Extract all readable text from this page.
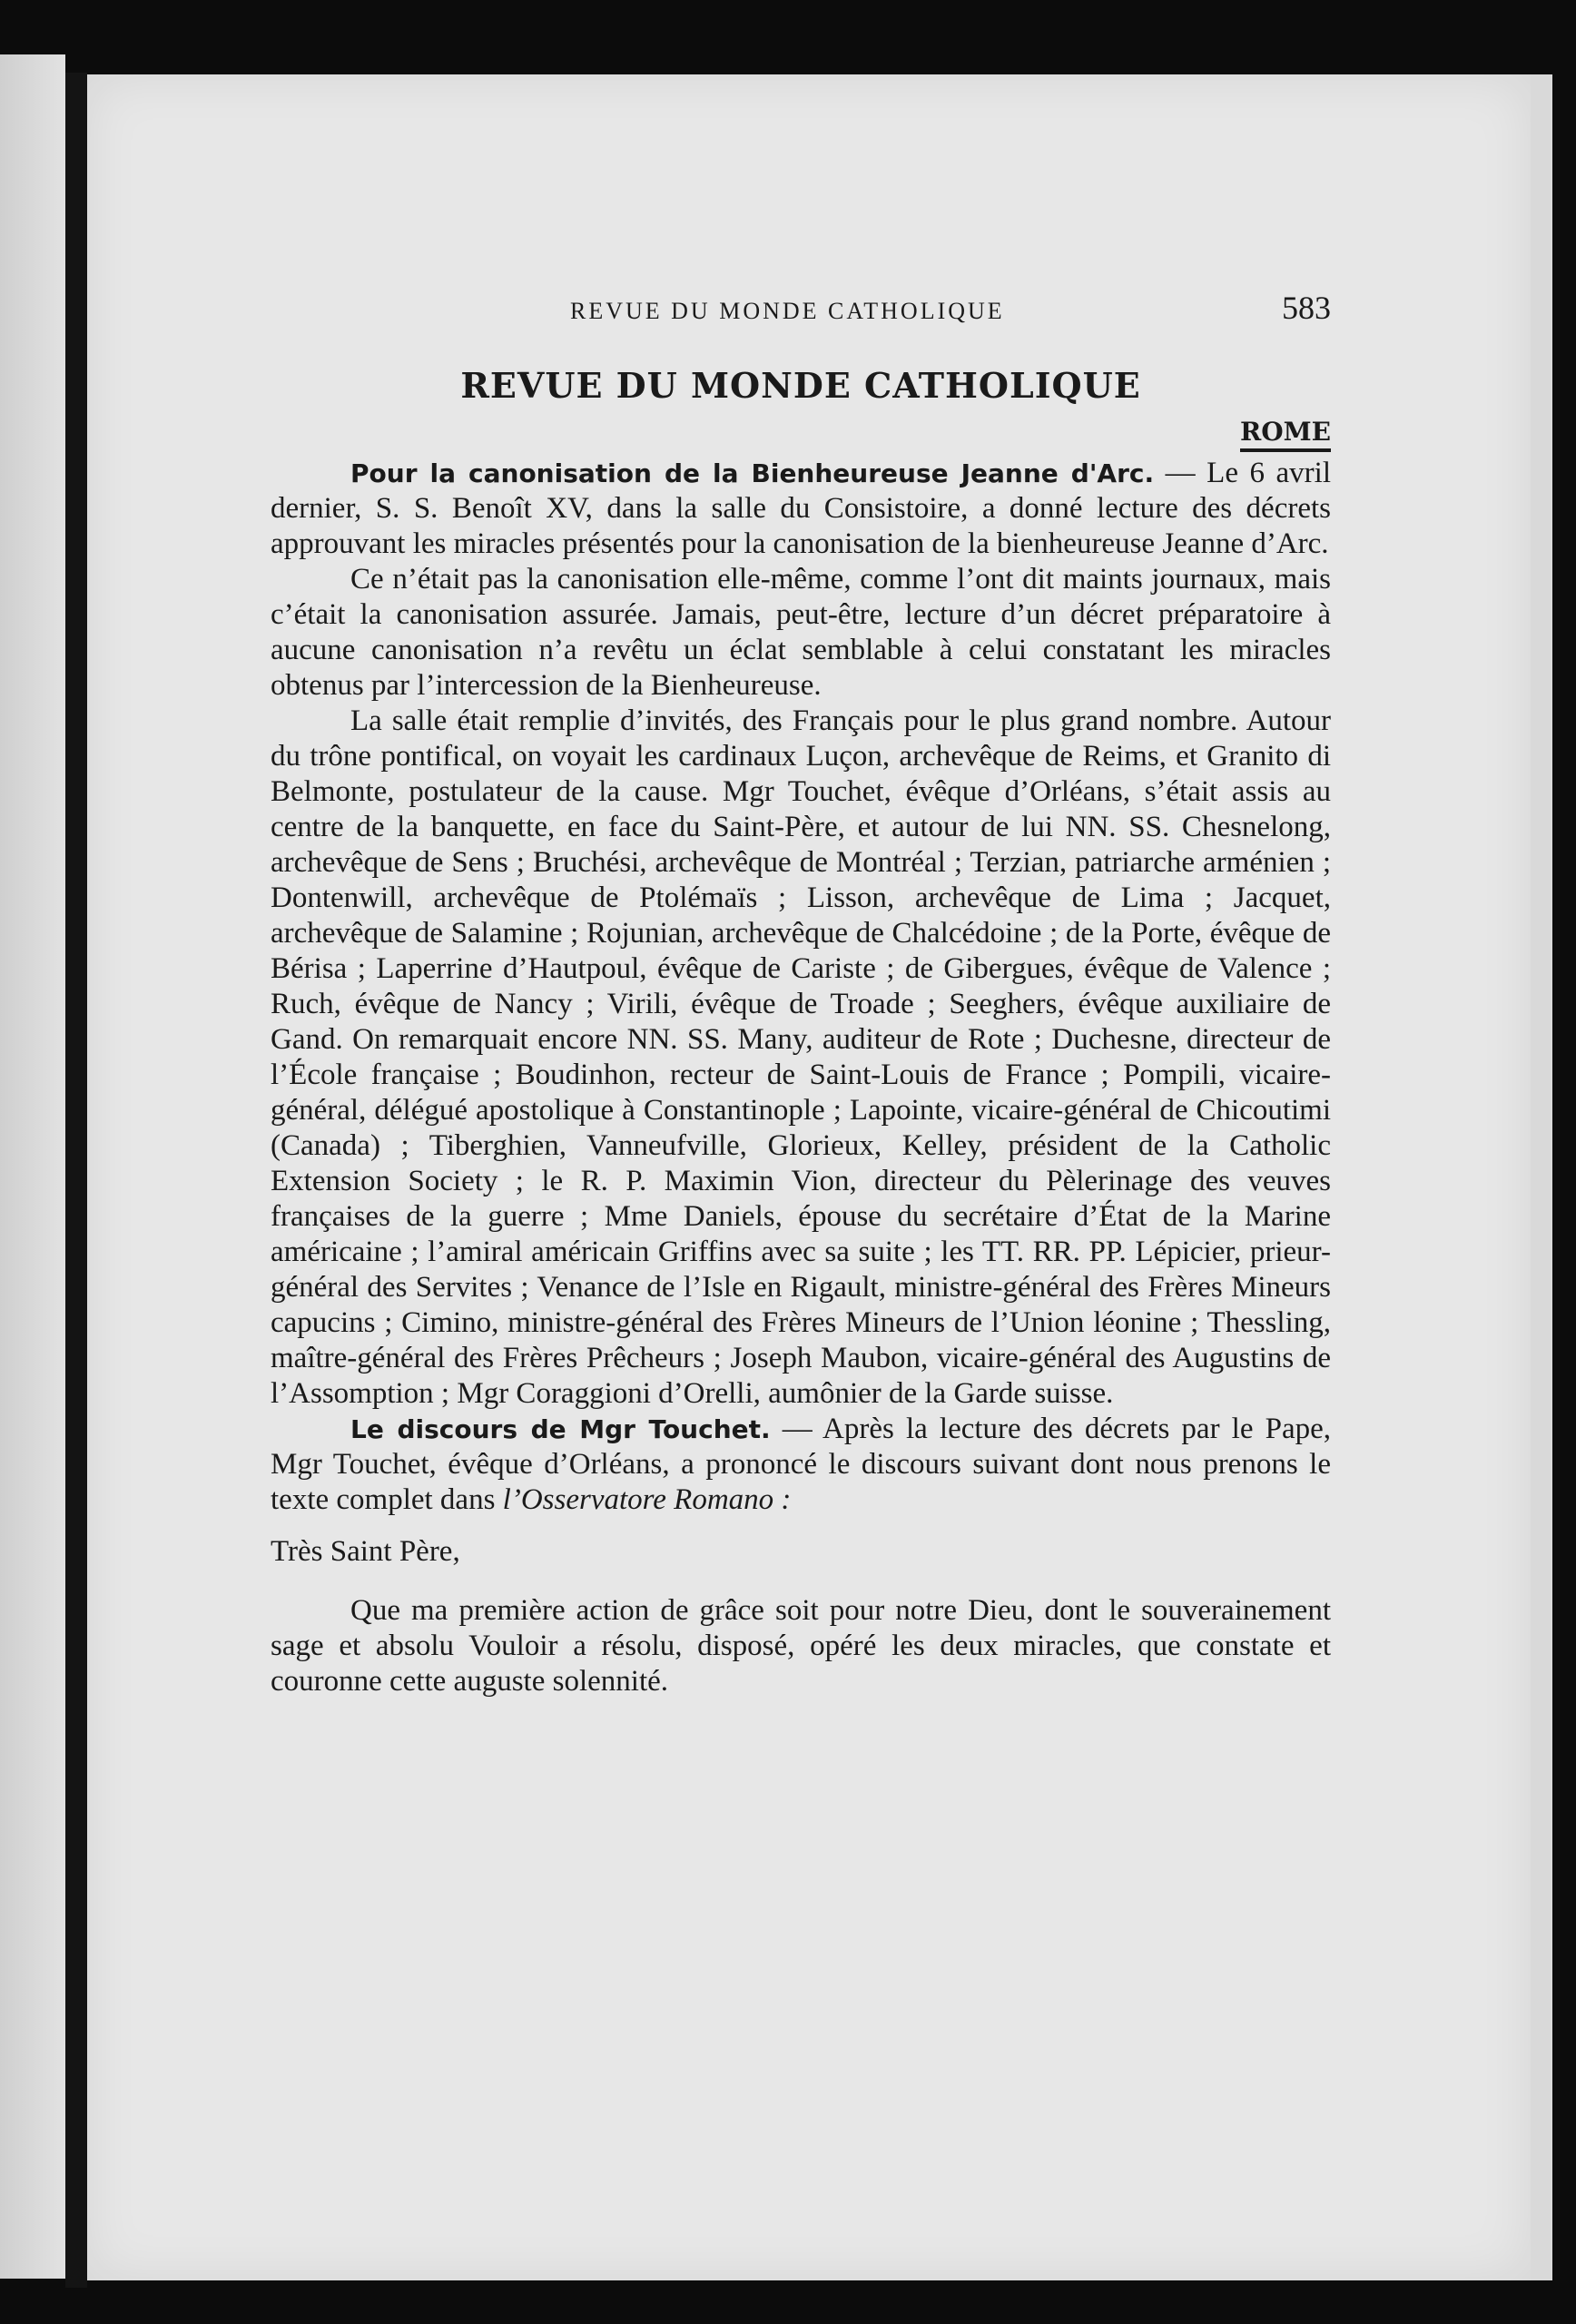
REVUE DU MONDE CATHOLIQUE	583
REVUE DU MONDE CATHOLIQUE
ROME

Pour la canonisation de la Bienheureuse Jeanne d'Arc. — Le 6 avril dernier, S. S. Benoît XV, dans la salle du Consistoire, a donné lecture des décrets approuvant les miracles présentés pour la canonisation de la bienheureuse Jeanne d’Arc.

Ce n’était pas la canonisation elle-même, comme l’ont dit maints journaux, mais c’était la canonisation assurée. Jamais, peut-être, lecture d’un décret préparatoire à aucune canonisation n’a revêtu un éclat semblable à celui constatant les miracles obtenus par l’intercession de la Bienheureuse.

La salle était remplie d’invités, des Français pour le plus grand nombre. Autour du trône pontifical, on voyait les cardinaux Luçon, archevêque de Reims, et Granito di Belmonte, postulateur de la cause. Mgr Touchet, évêque d’Orléans, s’était assis au centre de la banquette, en face du Saint-Père, et autour de lui NN. SS. Chesnelong, archevêque de Sens ; Bruchési, archevêque de Montréal ; Terzian, patriarche arménien ; Dontenwill, archevêque de Ptolémaïs ; Lisson, archevêque de Lima ; Jacquet, archevêque de Salamine ; Rojunian, archevêque de Chalcédoine ; de la Porte, évêque de Bérisa ; Laperrine d’Hautpoul, évêque de Cariste ; de Gibergues, évêque de Valence ; Ruch, évêque de Nancy ; Virili, évêque de Troade ; Seeghers, évêque auxiliaire de Gand. On remarquait encore NN. SS. Many, auditeur de Rote ; Duchesne, directeur de l’École française ; Boudinhon, recteur de Saint-Louis de France ; Pompili, vicaire-général, délégué apostolique à Constantinople ; Lapointe, vicaire-général de Chicoutimi (Canada) ; Tiberghien, Vanneufville, Glorieux, Kelley, président de la Catholic Extension Society ; le R. P. Maximin Vion, directeur du Pèlerinage des veuves françaises de la guerre ; Mme Daniels, épouse du secrétaire d’État de la Marine américaine ; l’amiral américain Griffins avec sa suite ; les TT. RR. PP. Lépicier, prieur-général des Servites ; Venance de l’Isle en Rigault, ministre-général des Frères Mineurs capucins ; Cimino, ministre-général des Frères Mineurs de l’Union léonine ; Thessling, maître-général des Frères Prêcheurs ; Joseph Maubon, vicaire-général des Augustins de l’Assomption ; Mgr Coraggioni d’Orelli, aumônier de la Garde suisse.

Le discours de Mgr Touchet. — Après la lecture des décrets par le Pape, Mgr Touchet, évêque d’Orléans, a prononcé le discours suivant dont nous prenons le texte complet dans l’Osservatore Romano :

Très Saint Père,

Que ma première action de grâce soit pour notre Dieu, dont le souverainement sage et absolu Vouloir a résolu, disposé, opéré les deux miracles, que constate et couronne cette auguste solennité.
